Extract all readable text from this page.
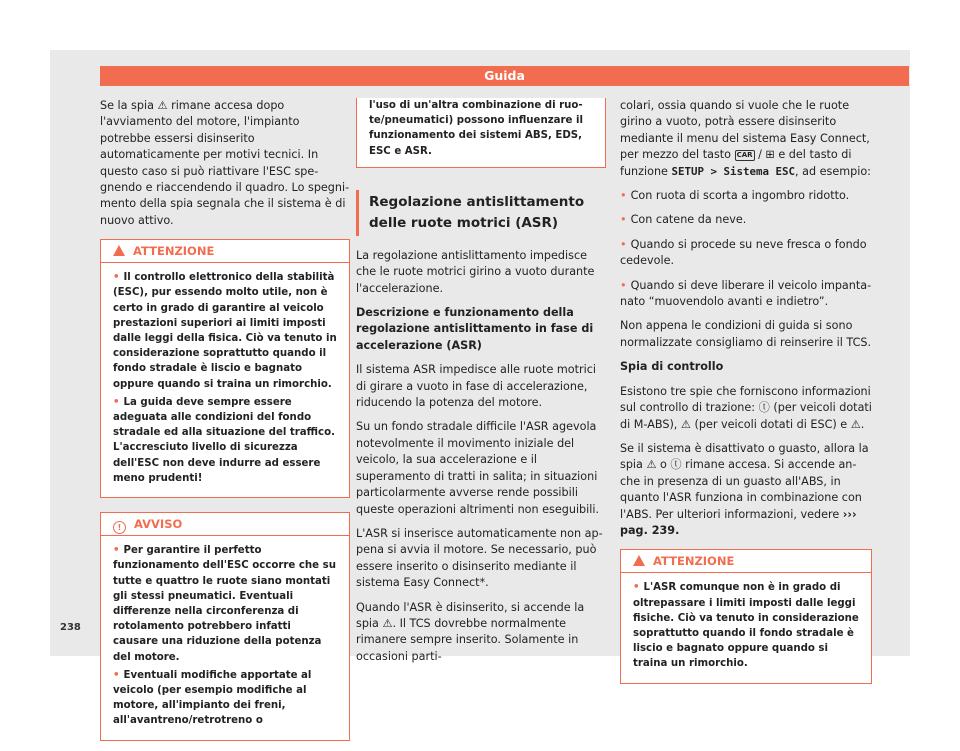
Guida

Se la spia ⚠ rimane accesa dopo l'avviamento del motore, l'impianto potrebbe essersi disinserito automaticamente per motivi tecnici. In questo caso si può riattivare l'ESC spegnendo e riaccendendo il quadro. Lo spegnimento della spia segnala che il sistema è di nuovo attivo.

ATTENZIONE
• Il controllo elettronico della stabilità (ESC), pur essendo molto utile, non è certo in grado di garantire al veicolo prestazioni superiori ai limiti imposti dalle leggi della fisica. Ciò va tenuto in considerazione soprattutto quando il fondo stradale è liscio e bagnato oppure quando si traina un rimorchio.
• La guida deve sempre essere adeguata alle condizioni del fondo stradale ed alla situazione del traffico. L'accresciuto livello di sicurezza dell'ESC non deve indurre ad essere meno prudenti!
! AVVISO
• Per garantire il perfetto funzionamento dell'ESC occorre che su tutte e quattro le ruote siano montati gli stessi pneumatici. Eventuali differenze nella circonferenza di rotolamento potrebbero infatti causare una riduzione della potenza del motore.
• Eventuali modifiche apportate al veicolo (per esempio modifiche al motore, all'impianto dei freni, all'avantreno/retrotreno o
l'uso di un'altra combinazione di ruote/pneumatici) possono influenzare il funzionamento dei sistemi ABS, EDS, ESC e ASR.
Regolazione antislittamento delle ruote motrici (ASR)

La regolazione antislittamento impedisce che le ruote motrici girino a vuoto durante l'accelerazione.

Descrizione e funzionamento della regolazione antislittamento in fase di accelerazione (ASR)

Il sistema ASR impedisce alle ruote motrici di girare a vuoto in fase di accelerazione, riducendo la potenza del motore.

Su un fondo stradale difficile l'ASR agevola notevolmente il movimento iniziale del veicolo, la sua accelerazione e il superamento di tratti in salita; in situazioni particolarmente avverse rende possibili queste operazioni altrimenti non eseguibili.

L'ASR si inserisce automaticamente non appena si avvia il motore. Se necessario, può essere inserito o disinserito mediante il sistema Easy Connect*.

Quando l'ASR è disinserito, si accende la spia ⚠. Il TCS dovrebbe normalmente rimanere sempre inserito. Solamente in occasioni parti-

colari, ossia quando si vuole che le ruote girino a vuoto, potrà essere disinserito mediante il menu del sistema Easy Connect, per mezzo del tasto CAR / ⊞ e del tasto di funzione SETUP > Sistema ESC, ad esempio:

• Con ruota di scorta a ingombro ridotto.

• Con catene da neve.

• Quando si procede su neve fresca o fondo cedevole.

• Quando si deve liberare il veicolo impantanato “muovendolo avanti e indietro”.

Non appena le condizioni di guida si sono normalizzate consigliamo di reinserire il TCS.

Spia di controllo

Esistono tre spie che forniscono informazioni sul controllo di trazione: ⓣ (per veicoli dotati di M-ABS), ⚠ (per veicoli dotati di ESC) e ⚠.

Se il sistema è disattivato o guasto, allora la spia ⚠ o ⓣ rimane accesa. Si accende anche in presenza di un guasto all'ABS, in quanto l'ASR funziona in combinazione con l'ABS. Per ulteriori informazioni, vedere ››› pag. 239.

ATTENZIONE
• L'ASR comunque non è in grado di oltrepassare i limiti imposti dalle leggi fisiche. Ciò va tenuto in considerazione soprattutto quando il fondo stradale è liscio e bagnato oppure quando si traina un rimorchio.
238
